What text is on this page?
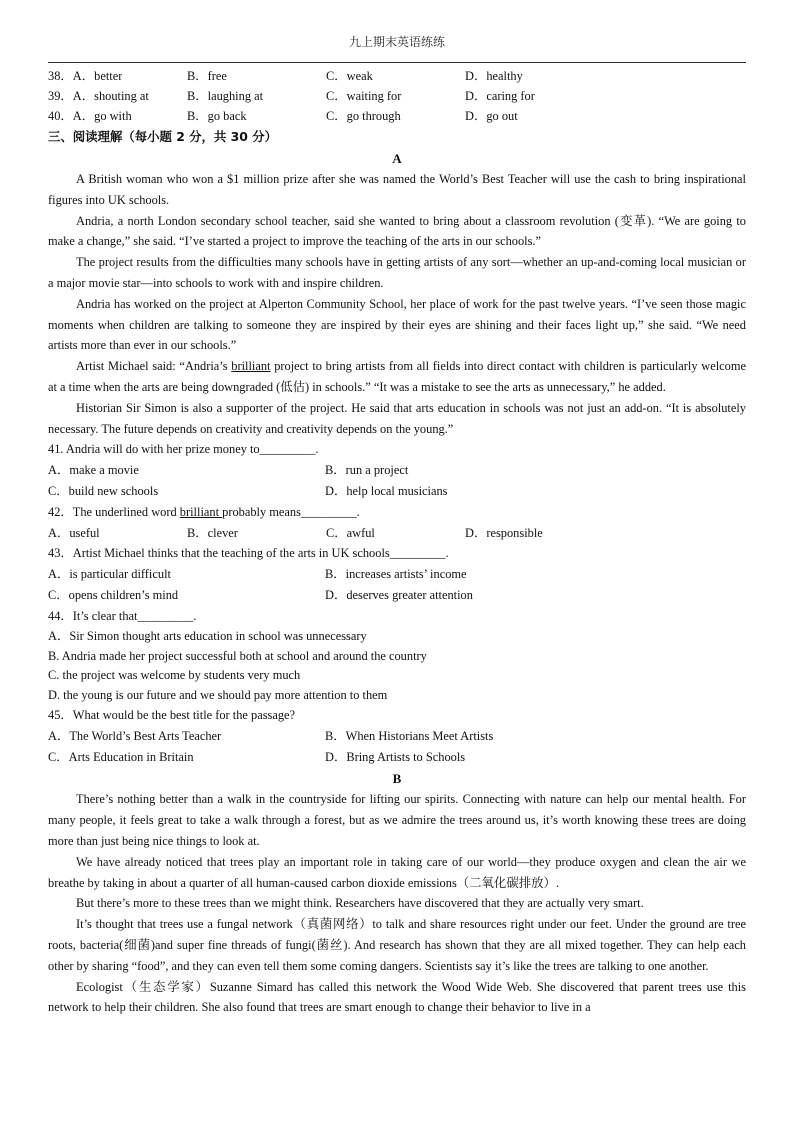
九上期末英语练练
38．A．better	B．free	C．weak	D．healthy
39．A．shouting at	B．laughing at	C．waiting for	D．caring for
40．A．go with	B．go back	C．go through	D．go out
三、阅读理解（每小题 2 分，共 30 分）
A

A British woman who won a $1 million prize after she was named the World’s Best Teacher will use the cash to bring inspirational figures into UK schools.

Andria, a north London secondary school teacher, said she wanted to bring about a classroom revolution (变革). “We are going to make a change,” she said. “I’ve started a project to improve the teaching of the arts in our schools.”

The project results from the difficulties many schools have in getting artists of any sort—whether an up-and-coming local musician or a major movie star—into schools to work with and inspire children.

Andria has worked on the project at Alperton Community School, her place of work for the past twelve years. “I’ve seen those magic moments when children are talking to someone they are inspired by their eyes are shining and their faces light up,” she said. “We need artists more than ever in our schools.”

Artist Michael said: “Andria’s brilliant project to bring artists from all fields into direct contact with children is particularly welcome at a time when the arts are being downgraded (低估) in schools.” “It was a mistake to see the arts as unnecessary,” he added.

Historian Sir Simon is also a supporter of the project. He said that arts education in schools was not just an add-on. “It is absolutely necessary. The future depends on creativity and creativity depends on the young.”

41. Andria will do with her prize money to_________.
A．make a movie	B．run a project
C．build new schools	D．help local musicians
42．The underlined word brilliant probably means_________.
A．useful	B．clever	C．awful	D．responsible
43．Artist Michael thinks that the teaching of the arts in UK schools_________.
A．is particular difficult	B．increases artists’ income
C．opens children’s mind	D．deserves greater attention
44．It’s clear that_________.
A．Sir Simon thought arts education in school was unnecessary
B. Andria made her project successful both at school and around the country
C. the project was welcome by students very much
D. the young is our future and we should pay more attention to them
45．What would be the best title for the passage?
A．The World’s Best Arts Teacher	B．When Historians Meet Artists
C．Arts Education in Britain	D．Bring Artists to Schools
B

There’s nothing better than a walk in the countryside for lifting our spirits. Connecting with nature can help our mental health. For many people, it feels great to take a walk through a forest, but as we admire the trees around us, it’s worth knowing these trees are doing more than just being nice things to look at.

We have already noticed that trees play an important role in taking care of our world—they produce oxygen and clean the air we breathe by taking in about a quarter of all human-caused carbon dioxide emissions（二氧化碳排放）.

But there’s more to these trees than we might think. Researchers have discovered that they are actually very smart.

It’s thought that trees use a fungal network（真菌网络）to talk and share resources right under our feet. Under the ground are tree roots, bacteria(细菌)and super fine threads of fungi(菌丝). And research has shown that they are all mixed together. They can help each other by sharing “food”, and they can even tell them some coming dangers. Scientists say it’s like the trees are talking to one another.

Ecologist（生态学家）Suzanne Simard has called this network the Wood Wide Web. She discovered that parent trees use this network to help their children. She also found that trees are smart enough to change their behavior to live in a
